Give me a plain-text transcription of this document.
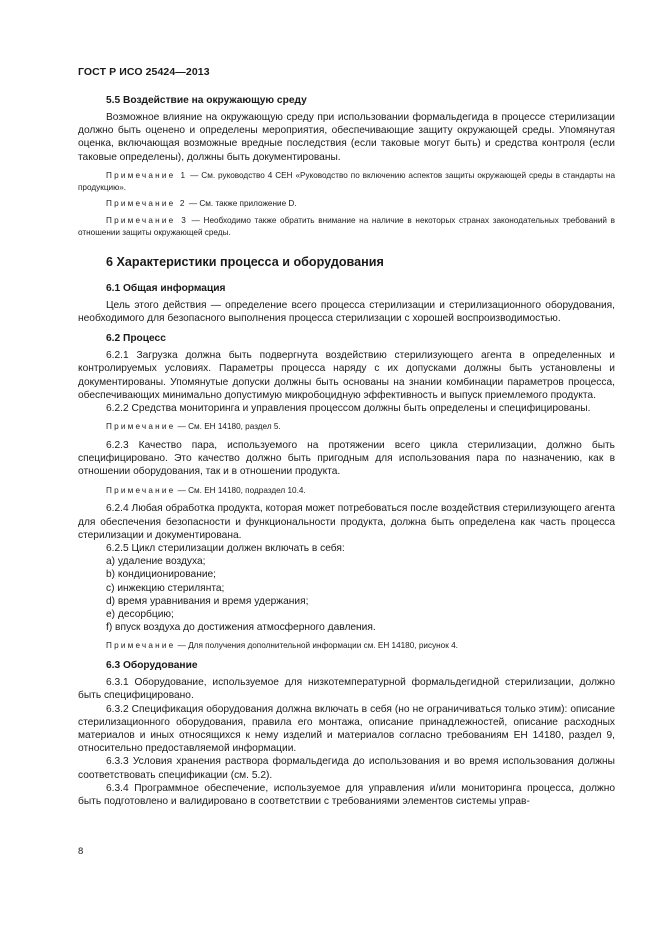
ГОСТ Р ИСО 25424—2013

5.5 Воздействие на окружающую среду

Возможное влияние на окружающую среду при использовании формальдегида в процессе стерилизации должно быть оценено и определены мероприятия, обеспечивающие защиту окружающей среды. Упомянутая оценка, включающая возможные вредные последствия (если таковые могут быть) и средства контроля (если таковые определены), должны быть документированы.

Примечание 1 — См. руководство 4 СЕН «Руководство по включению аспектов защиты окружающей среды в стандарты на продукцию».

Примечание 2 — См. также приложение D.

Примечание 3 — Необходимо также обратить внимание на наличие в некоторых странах законодательных требований в отношении защиты окружающей среды.

6 Характеристики процесса и оборудования

6.1 Общая информация

Цель этого действия — определение всего процесса стерилизации и стерилизационного оборудования, необходимого для безопасного выполнения процесса стерилизации с хорошей воспроизводимостью.

6.2 Процесс

6.2.1 Загрузка должна быть подвергнута воздействию стерилизующего агента в определенных и контролируемых условиях. Параметры процесса наряду с их допусками должны быть установлены и документированы. Упомянутые допуски должны быть основаны на знании комбинации параметров процесса, обеспечивающих минимально допустимую микробоцидную эффективность и выпуск приемлемого продукта.

6.2.2 Средства мониторинга и управления процессом должны быть определены и специфицированы.

Примечание — См. ЕН 14180, раздел 5.

6.2.3 Качество пара, используемого на протяжении всего цикла стерилизации, должно быть специфицировано. Это качество должно быть пригодным для использования пара по назначению, как в отношении оборудования, так и в отношении продукта.

Примечание — См. ЕН 14180, подраздел 10.4.

6.2.4 Любая обработка продукта, которая может потребоваться после воздействия стерилизующего агента для обеспечения безопасности и функциональности продукта, должна быть определена как часть процесса стерилизации и документирована.

6.2.5 Цикл стерилизации должен включать в себя:

a) удаление воздуха;
b) кондиционирование;
c) инжекцию стерилянта;
d) время уравнивания и время удержания;
e) десорбцию;
f) впуск воздуха до достижения атмосферного давления.

Примечание — Для получения дополнительной информации см. ЕН 14180, рисунок 4.

6.3 Оборудование

6.3.1 Оборудование, используемое для низкотемпературной формальдегидной стерилизации, должно быть специфицировано.

6.3.2 Спецификация оборудования должна включать в себя (но не ограничиваться только этим): описание стерилизационного оборудования, правила его монтажа, описание принадлежностей, описание расходных материалов и иных относящихся к нему изделий и материалов согласно требованиям ЕН 14180, раздел 9, относительно предоставляемой информации.

6.3.3 Условия хранения раствора формальдегида до использования и во время использования должны соответствовать спецификации (см. 5.2).

6.3.4 Программное обеспечение, используемое для управления и/или мониторинга процесса, должно быть подготовлено и валидировано в соответствии с требованиями элементов системы управ-

8
